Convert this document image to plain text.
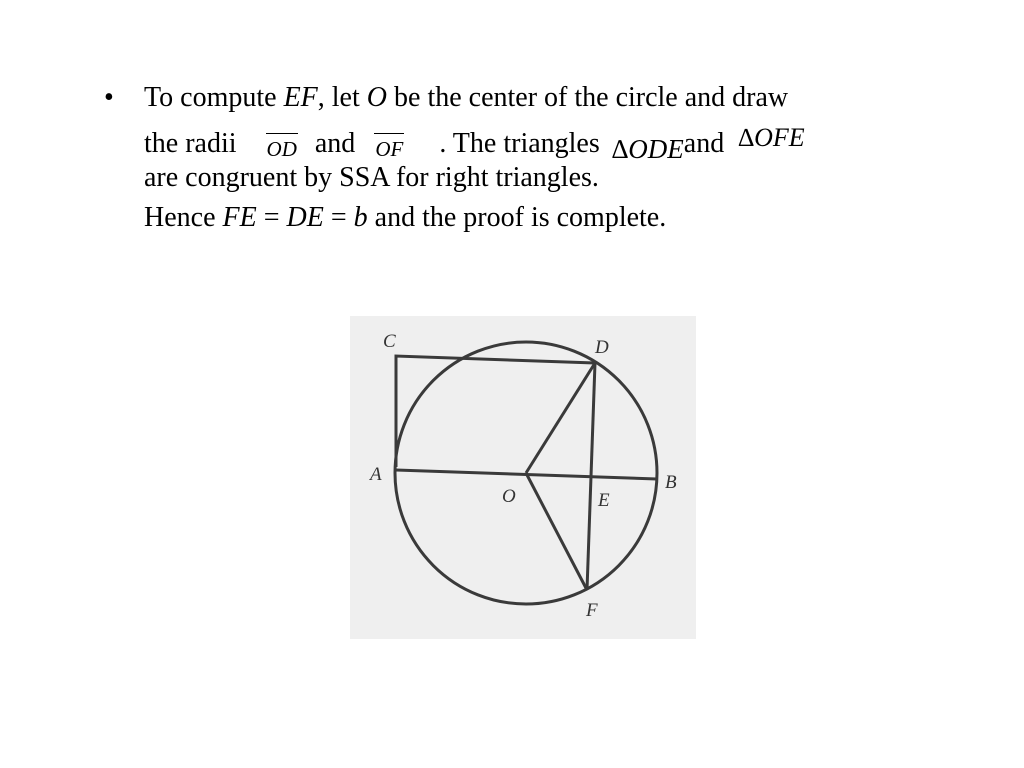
• To compute EF, let O be the center of the circle and draw
the radii OD and OF . The triangles ∆ODEand ∆OFE
are congruent by SSA for right triangles.
Hence FE = DE = b and the proof is complete.
C	D
A	B
O	E
F
